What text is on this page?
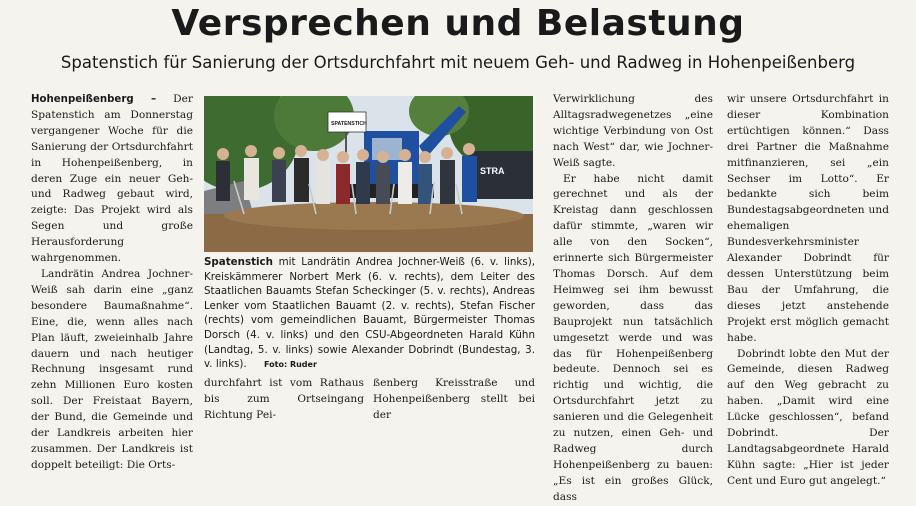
Versprechen und Belastung
Spatenstich für Sanierung der Ortsdurchfahrt mit neuem Geh- und Radweg in Hohenpeißenberg

Hohenpeißenberg – Der Spatenstich am Donnerstag vergangener Woche für die Sanierung der Ortsdurchfahrt in Hohenpeißenberg, in deren Zuge ein neuer Geh- und Radweg gebaut wird, zeigte: Das Projekt wird als Segen und große Herausforderung wahrgenommen.

Landrätin Andrea Jochner-Weiß sah darin eine „ganz besondere Baumaßnahme“. Eine, die, wenn alles nach Plan läuft, zweieinhalb Jahre dauern und nach heutiger Rechnung insgesamt rund zehn Millionen Euro kosten soll. Der Freistaat Bayern, der Bund, die Gemeinde und der Landkreis arbeiten hier zusammen. Der Landkreis ist doppelt beteiligt: Die Orts-

STRA
SPATENSTICH
Spatenstich mit Landrätin Andrea Jochner-Weiß (6. v. links), Kreiskämmerer Norbert Merk (6. v. rechts), dem Leiter des Staatlichen Bauamts Stefan Scheckinger (5. v. rechts), Andreas Lenker vom Staatlichen Bauamt (2. v. rechts), Stefan Fischer (rechts) vom gemeindlichen Bauamt, Bürgermeister Thomas Dorsch (4. v. links) und den CSU-Abgeordneten Harald Kühn (Landtag, 5. v. links) sowie Alexander Dobrindt (Bundestag, 3. v. links). Foto: Ruder

durchfahrt ist vom Rathaus bis zum Ortseingang Richtung Pei-

ßenberg Kreisstraße und Hohenpeißenberg stellt bei der

Verwirklichung des Alltagsradwegenetzes „eine wichtige Verbindung von Ost nach West“ dar, wie Jochner-Weiß sagte.

Er habe nicht damit gerechnet und als der Kreistag dann geschlossen dafür stimmte, „waren wir alle von den Socken“, erinnerte sich Bürgermeister Thomas Dorsch. Auf dem Heimweg sei ihm bewusst geworden, dass das Bauprojekt nun tatsächlich umgesetzt werde und was das für Hohenpeißenberg bedeute. Dennoch sei es richtig und wichtig, die Ortsdurchfahrt jetzt zu sanieren und die Gelegenheit zu nutzen, einen Geh- und Radweg durch Hohenpeißenberg zu bauen: „Es ist ein großes Glück, dass

wir unsere Ortsdurchfahrt in dieser Kombination ertüchtigen können.“ Dass drei Partner die Maßnahme mitfinanzieren, sei „ein Sechser im Lotto“. Er bedankte sich beim Bundestagsabgeordneten und ehemaligen Bundesverkehrsminister Alexander Dobrindt für dessen Unterstützung beim Bau der Umfahrung, die dieses jetzt anstehende Projekt erst möglich gemacht habe.

Dobrindt lobte den Mut der Gemeinde, diesen Radweg auf den Weg gebracht zu haben. „Damit wird eine Lücke geschlossen“, befand Dobrindt. Der Landtagsabgeordnete Harald Kühn sagte: „Hier ist jeder Cent und Euro gut angelegt.“
